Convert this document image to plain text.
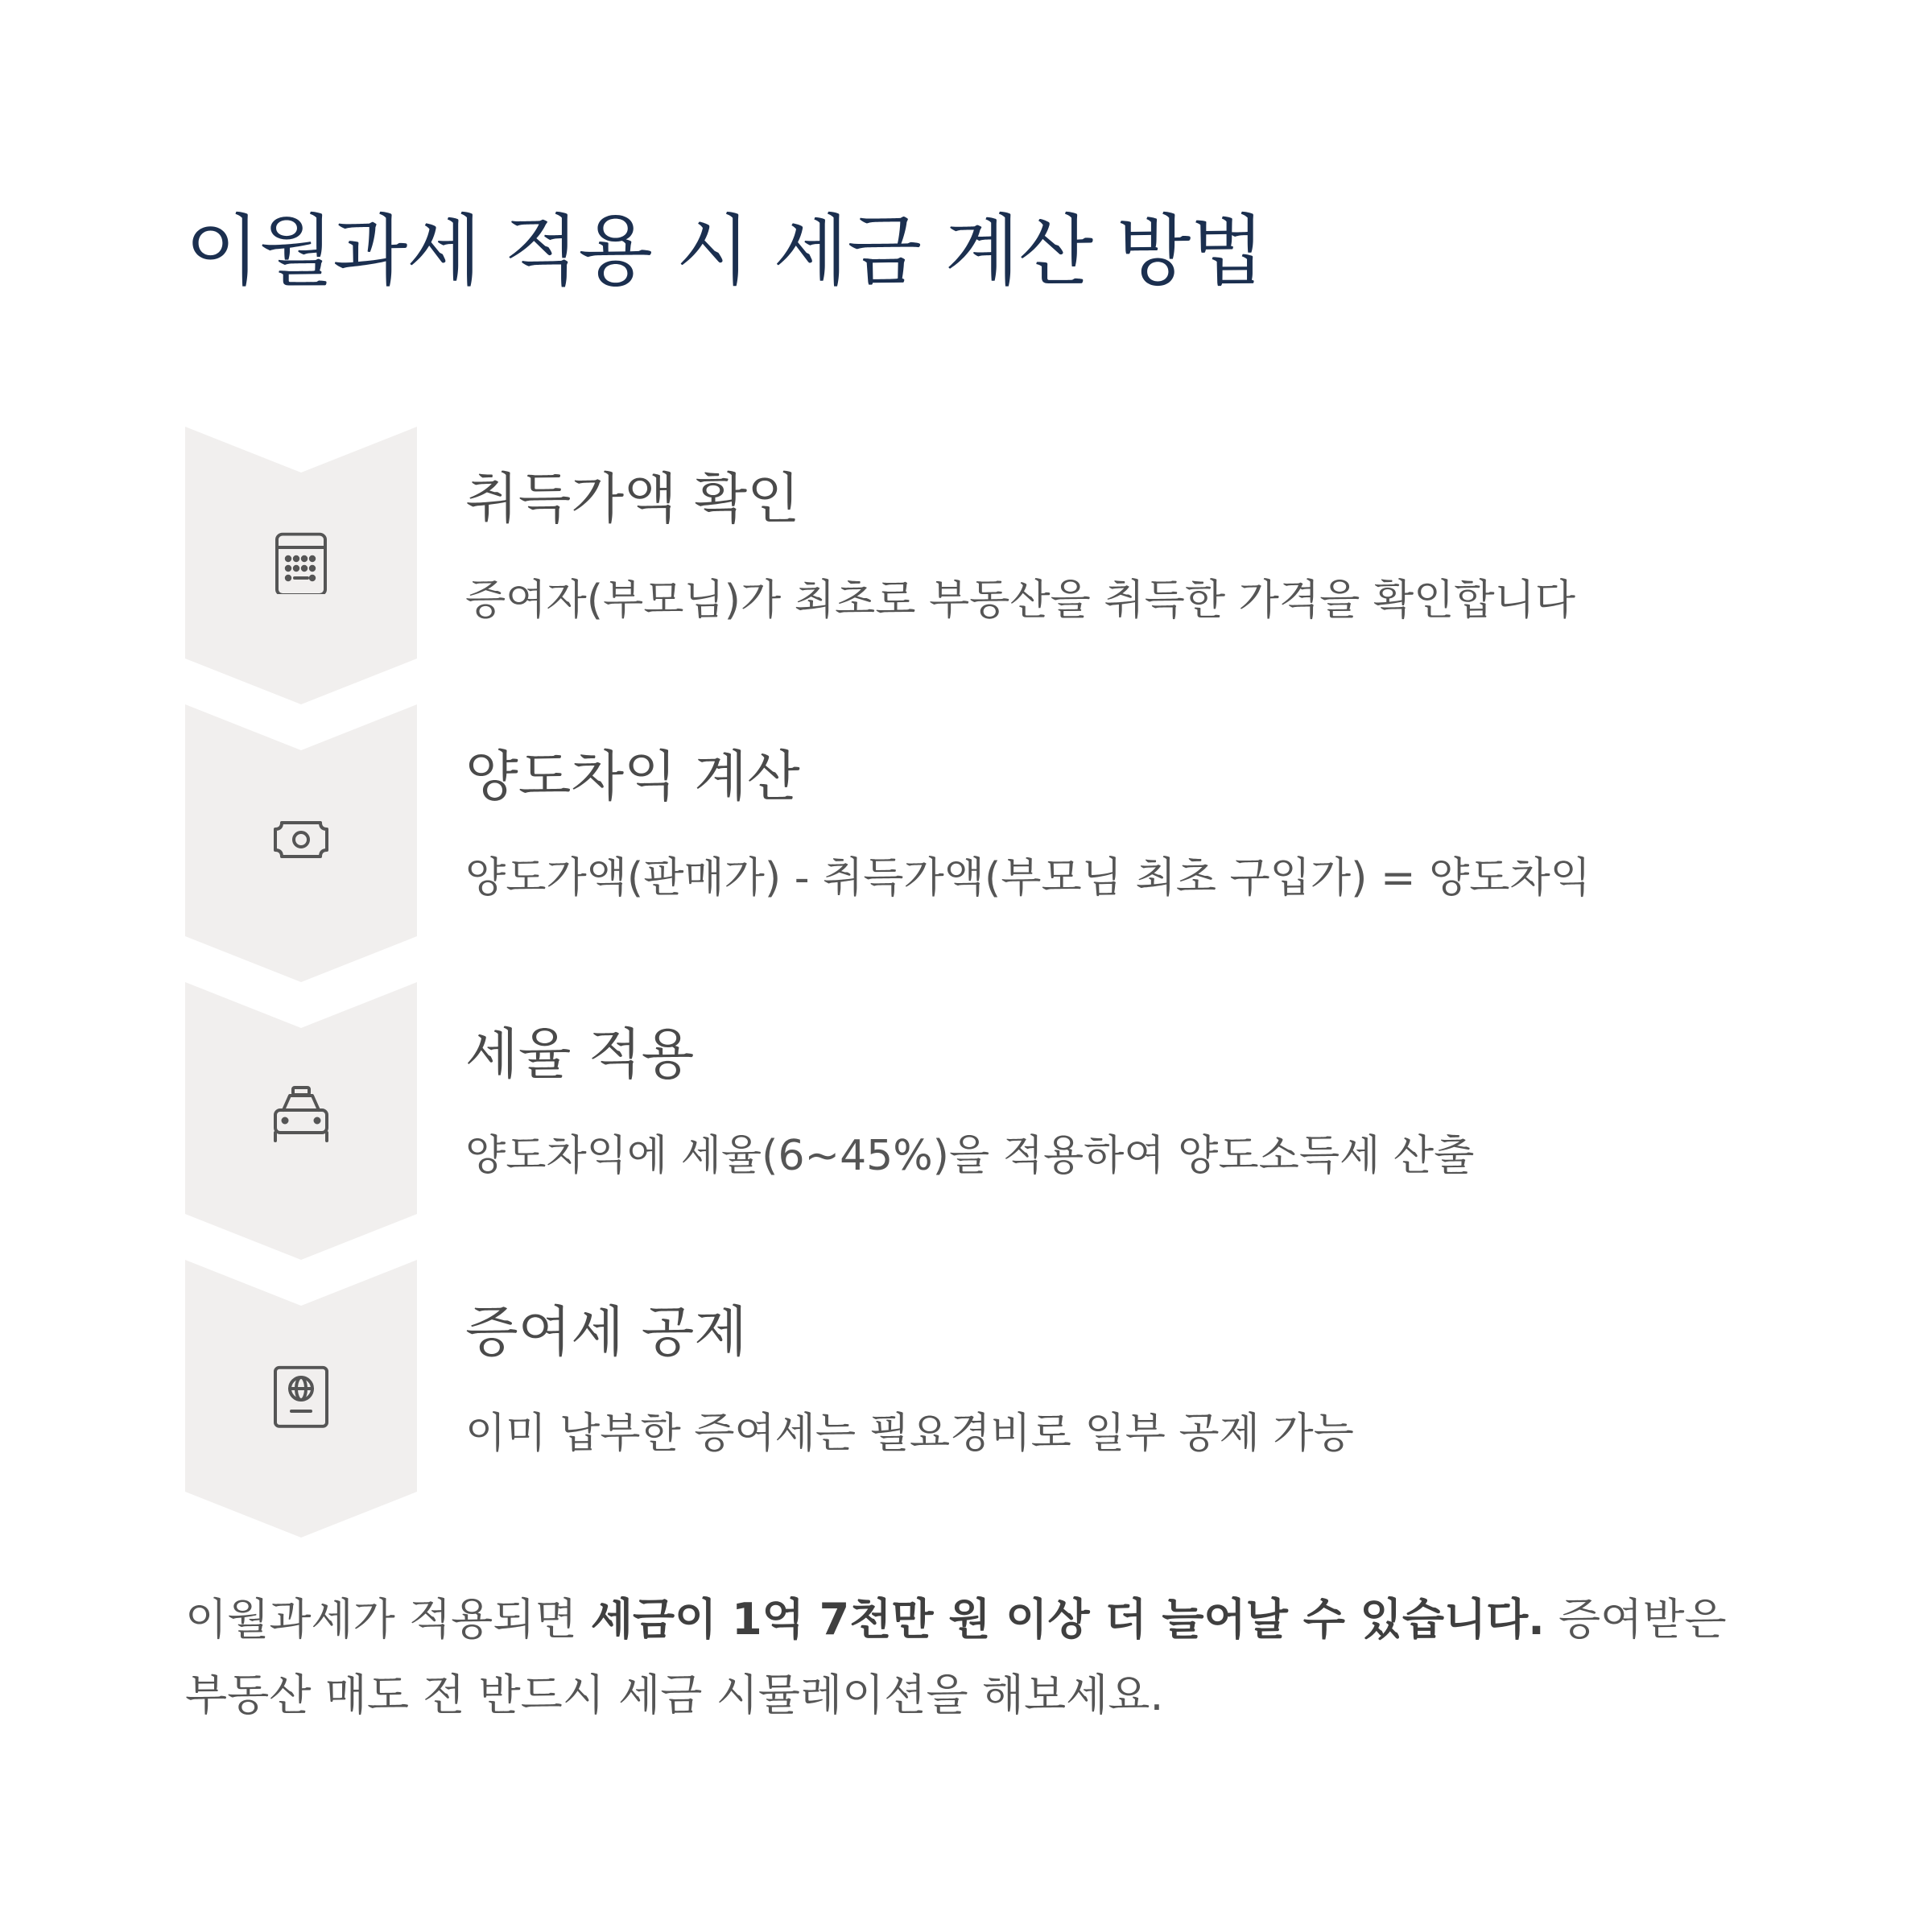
이월과세 적용 시 세금 계산 방법
취득가액 확인
증여자(부모님)가 최초로 부동산을 취득한 가격을 확인합니다
양도차익 계산
양도가액(판매가) - 취득가액(부모님 최초 구입가) = 양도차익
세율 적용
양도차익에 세율(6~45%)을 적용하여 양도소득세 산출
증여세 공제
이미 납부한 증여세는 필요경비로 일부 공제 가능

이월과세가 적용되면 세금이 1억 7천만 원 이상 더 늘어날 수 있습니다. 증여받은 부동산 매도 전 반드시 세금 시뮬레이션을 해보세요.
